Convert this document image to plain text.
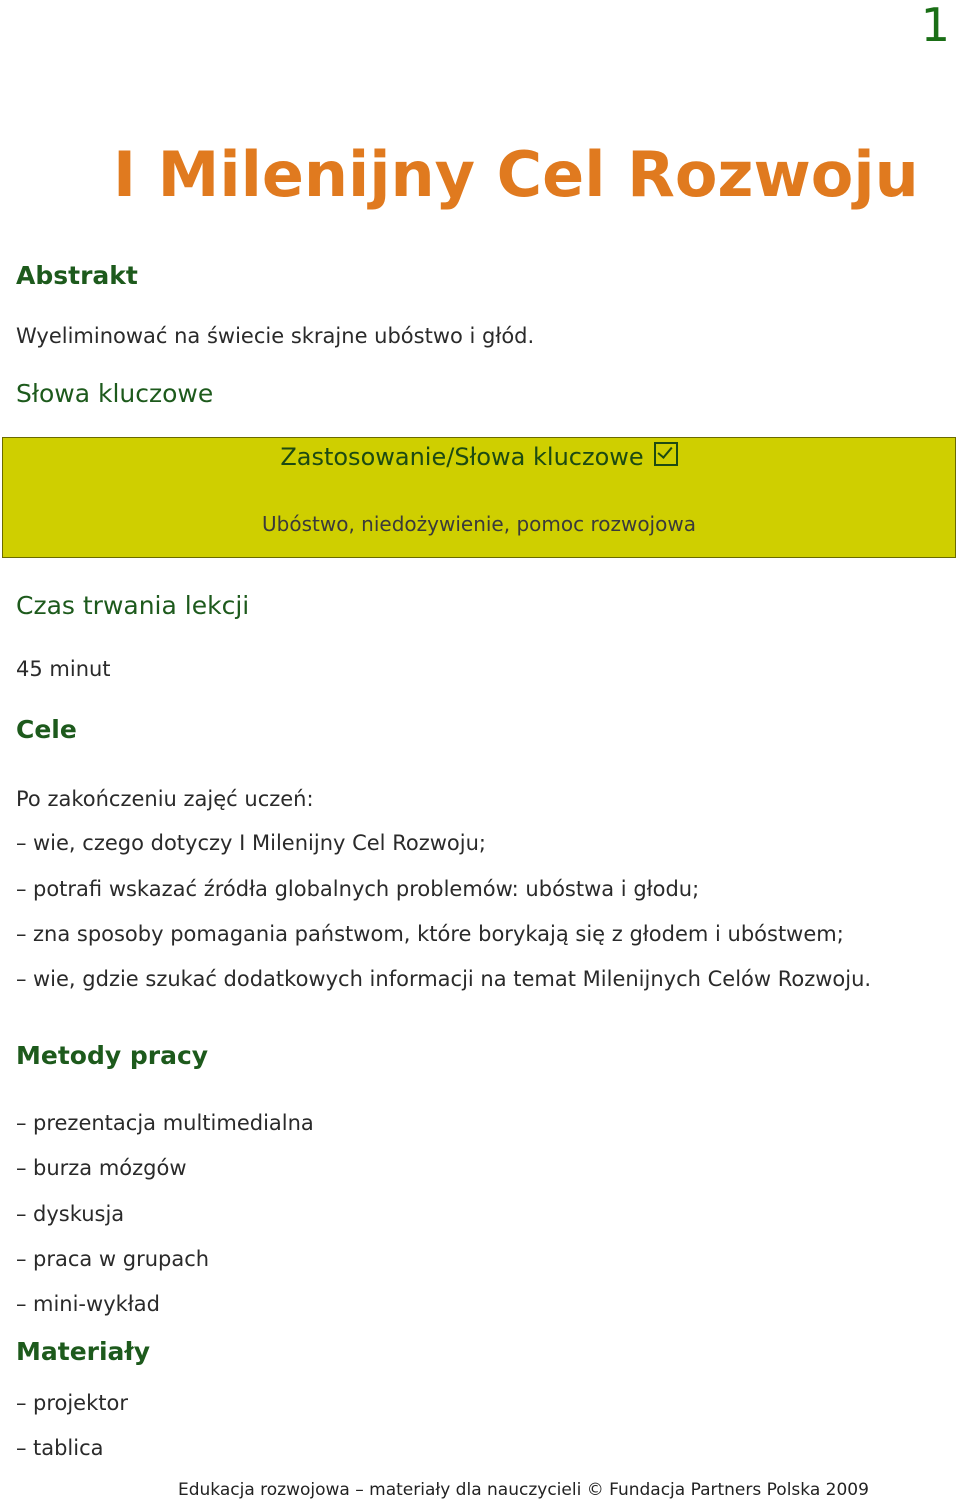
1
I Milenijny Cel Rozwoju
Abstrakt
Wyeliminować na świecie skrajne ubóstwo i głód.
Słowa kluczowe
Zastosowanie/Słowa kluczowe
Ubóstwo, niedożywienie, pomoc rozwojowa
Czas trwania lekcji
45 minut
Cele
Po zakończeniu zajęć uczeń:
– wie, czego dotyczy I Milenijny Cel Rozwoju;
– potrafi wskazać źródła globalnych problemów: ubóstwa i głodu;
– zna sposoby pomagania państwom, które borykają się z głodem i ubóstwem;
– wie, gdzie szukać dodatkowych informacji na temat Milenijnych Celów Rozwoju.
Metody pracy
– prezentacja multimedialna
– burza mózgów
– dyskusja
– praca w grupach
– mini-wykład
Materiały
– projektor
– tablica
Edukacja rozwojowa – materiały dla nauczycieli © Fundacja Partners Polska 2009
